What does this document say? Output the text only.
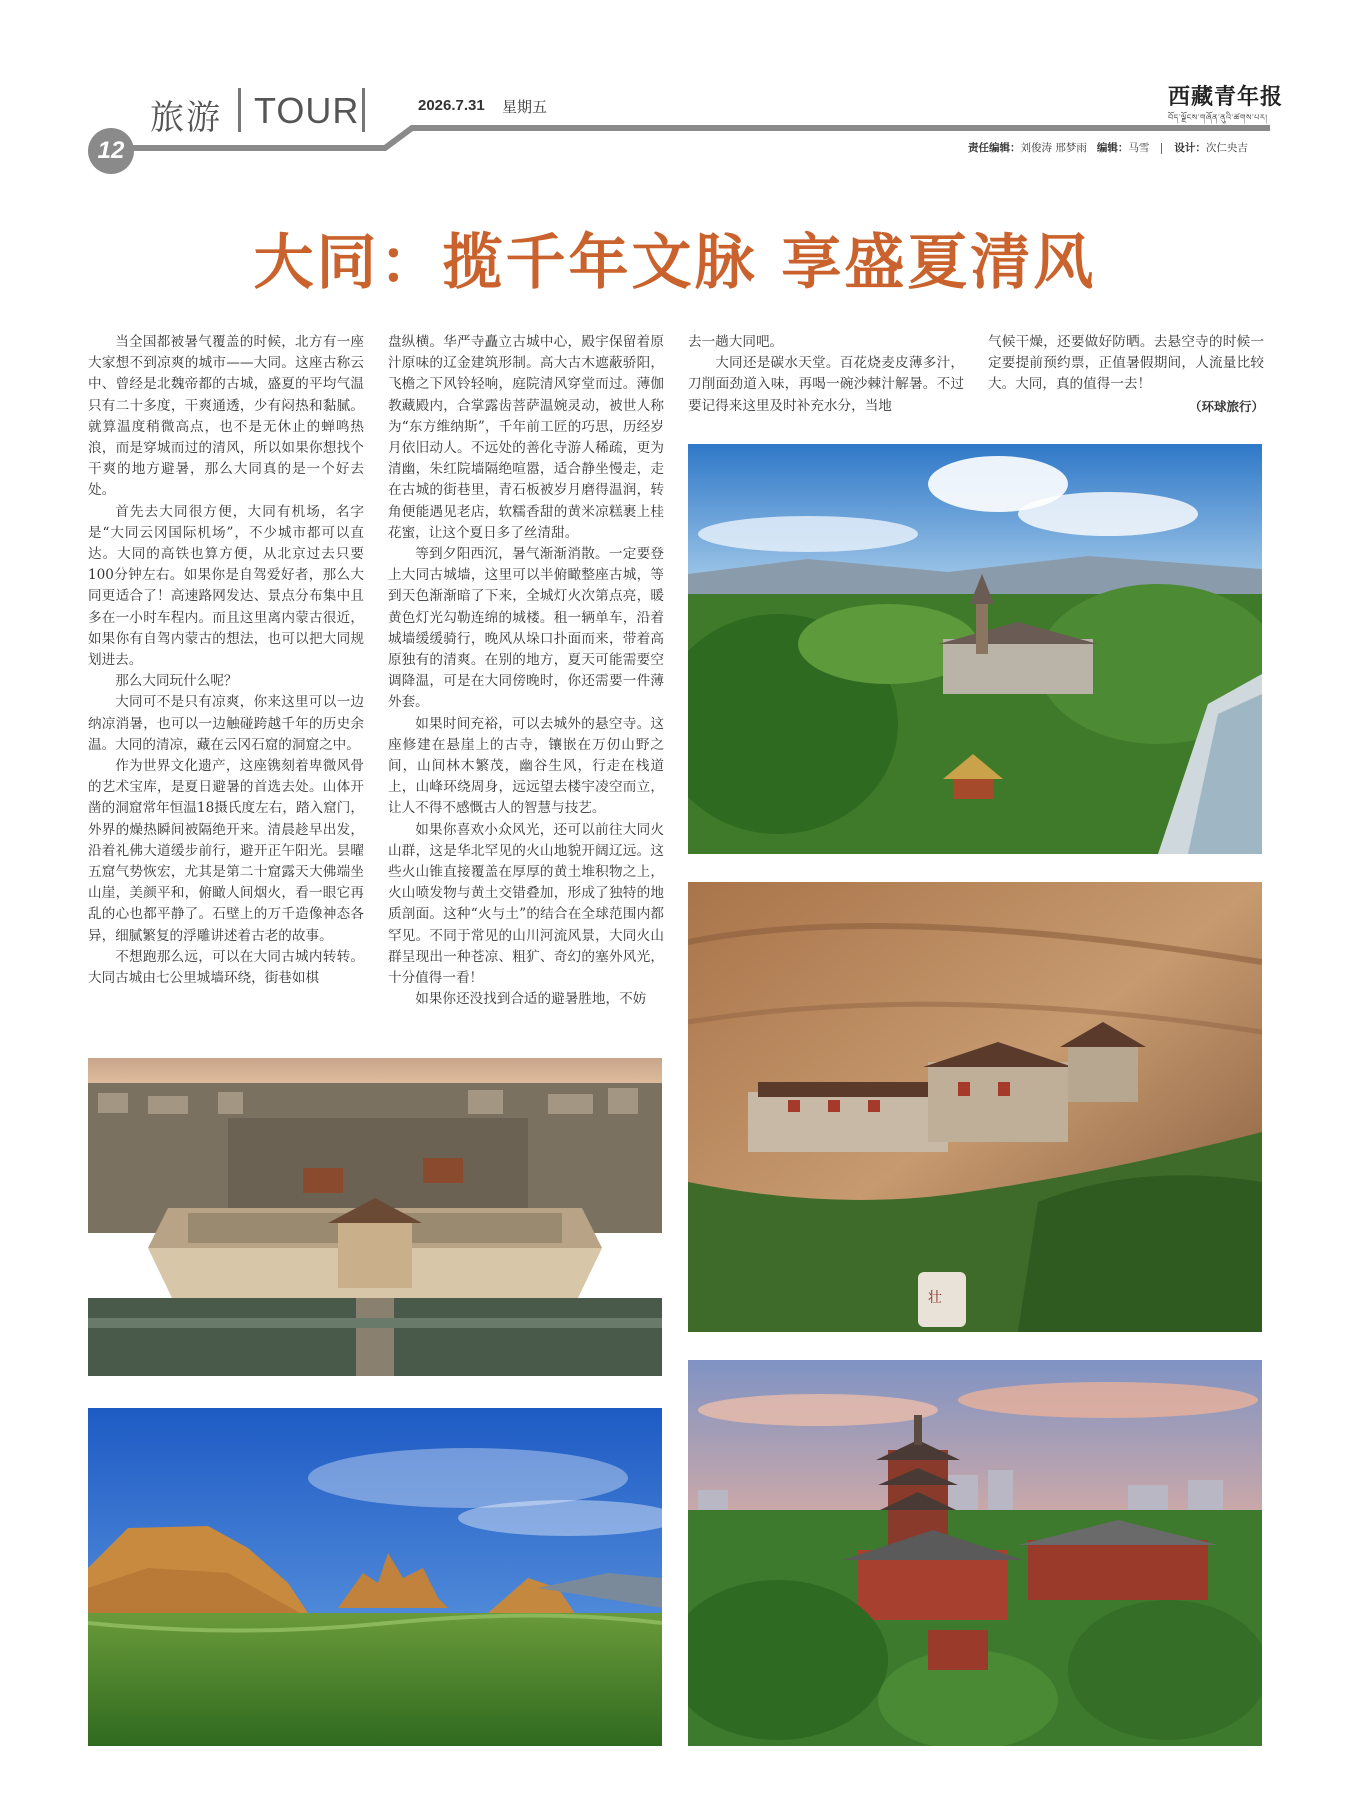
旅游 TOUR	2026.7.31 星期五	西藏青年报
བོད་ལྗོངས་གཞོན་ནུའི་ཚགས་པར།
12	责任编辑：刘俊涛 邢梦雨 编辑：马雪 设计：次仁央吉
大同：揽千年文脉 享盛夏清风

当全国都被暑气覆盖的时候，北方有一座大家想不到凉爽的城市——大同。这座古称云中、曾经是北魏帝都的古城，盛夏的平均气温只有二十多度，干爽通透，少有闷热和黏腻。就算温度稍微高点，也不是无休止的蝉鸣热浪，而是穿城而过的清风，所以如果你想找个干爽的地方避暑，那么大同真的是一个好去处。

首先去大同很方便，大同有机场，名字是“大同云冈国际机场”，不少城市都可以直达。大同的高铁也算方便，从北京过去只要100分钟左右。如果你是自驾爱好者，那么大同更适合了！高速路网发达、景点分布集中且多在一小时车程内。而且这里离内蒙古很近，如果你有自驾内蒙古的想法，也可以把大同规划进去。

那么大同玩什么呢？

大同可不是只有凉爽，你来这里可以一边纳凉消暑，也可以一边触碰跨越千年的历史余温。大同的清凉，藏在云冈石窟的洞窟之中。

作为世界文化遗产，这座镌刻着卑微风骨的艺术宝库，是夏日避暑的首选去处。山体开凿的洞窟常年恒温18摄氏度左右，踏入窟门，外界的燥热瞬间被隔绝开来。清晨趁早出发，沿着礼佛大道缓步前行，避开正午阳光。昙曜五窟气势恢宏，尤其是第二十窟露天大佛端坐山崖，美颜平和，俯瞰人间烟火，看一眼它再乱的心也都平静了。石壁上的万千造像神态各异，细腻繁复的浮雕讲述着古老的故事。

不想跑那么远，可以在大同古城内转转。大同古城由七公里城墙环绕，街巷如棋

盘纵横。华严寺矗立古城中心，殿宇保留着原汁原味的辽金建筑形制。高大古木遮蔽骄阳，飞檐之下风铃轻响，庭院清风穿堂而过。薄伽教藏殿内，合掌露齿菩萨温婉灵动，被世人称为“东方维纳斯”，千年前工匠的巧思，历经岁月依旧动人。不远处的善化寺游人稀疏，更为清幽，朱红院墙隔绝喧嚣，适合静坐慢走，走在古城的街巷里，青石板被岁月磨得温润，转角便能遇见老店，软糯香甜的黄米凉糕裹上桂花蜜，让这个夏日多了丝清甜。

等到夕阳西沉，暑气渐渐消散。一定要登上大同古城墙，这里可以半俯瞰整座古城，等到天色渐渐暗了下来，全城灯火次第点亮，暖黄色灯光勾勒连绵的城楼。租一辆单车，沿着城墙缓缓骑行，晚风从垛口扑面而来，带着高原独有的清爽。在别的地方，夏天可能需要空调降温，可是在大同傍晚时，你还需要一件薄外套。

如果时间充裕，可以去城外的悬空寺。这座修建在悬崖上的古寺，镶嵌在万仞山野之间，山间林木繁茂，幽谷生风，行走在栈道上，山峰环绕周身，远远望去楼宇凌空而立，让人不得不感慨古人的智慧与技艺。

如果你喜欢小众风光，还可以前往大同火山群，这是华北罕见的火山地貌开阔辽远。这些火山锥直接覆盖在厚厚的黄土堆积物之上，火山喷发物与黄土交错叠加，形成了独特的地质剖面。这种“火与土”的结合在全球范围内都罕见。不同于常见的山川河流风景，大同火山群呈现出一种苍凉、粗犷、奇幻的塞外风光，十分值得一看！

如果你还没找到合适的避暑胜地，不妨

去一趟大同吧。

大同还是碳水天堂。百花烧麦皮薄多汁，刀削面劲道入味，再喝一碗沙棘汁解暑。不过要记得来这里及时补充水分，当地

气候干燥，还要做好防晒。去悬空寺的时候一定要提前预约票，正值暑假期间，人流量比较大。大同，真的值得一去！

（环球旅行）
壮
